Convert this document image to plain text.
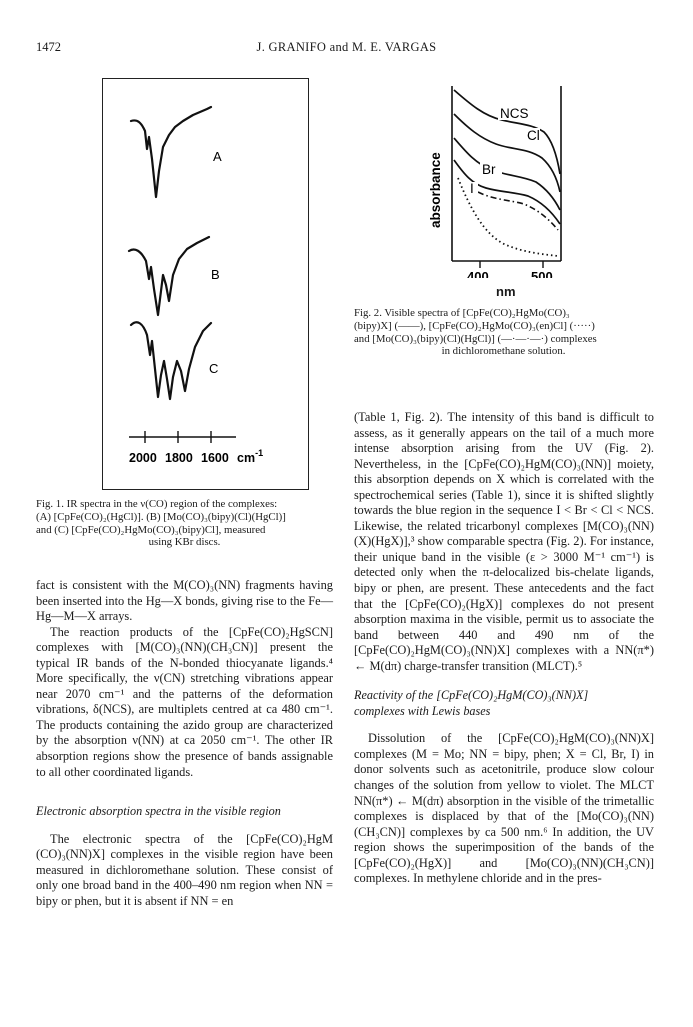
1472	J. GRANIFO and M. E. VARGAS
A
B
C
2000 1800 1600 $cm^{-1}$
Fig. 1. IR spectra in the ν(CO) region of the complexes:
(A) [CpFe(CO)₂(HgCl)]. (B) [Mo(CO)₃(bipy)(Cl)(HgCl)]
and (C) [CpFe(CO)₂HgMo(CO)₃(bipy)Cl], measured
using KBr discs.
absorbance
NCS
Cl
Br
I
400	500
nm
Fig. 2. Visible spectra of [CpFe(CO)₂HgMo(CO)₃
(bipy)X] (——), [CpFe(CO)₂HgMo(CO)₃(en)Cl] (·····)
and [Mo(CO)₃(bipy)(Cl)(HgCl)] (—·—·—·) complexes
in dichloromethane solution.

fact is consistent with the M(CO)₃(NN) fragments having been inserted into the Hg—X bonds, giving rise to the Fe—Hg—M—X arrays.

The reaction products of the [CpFe(CO)₂HgSCN] complexes with [M(CO)₃(NN)(CH₃CN)] present the typical IR bands of the N-bonded thiocyanate ligands.⁴ More specifically, the ν(CN) stretching vibrations appear near 2070 cm⁻¹ and the patterns of the deformation vibrations, δ(NCS), are multiplets centred at ca 480 cm⁻¹. The products containing the azido group are characterized by the absorption ν(NN) at ca 2050 cm⁻¹. The other IR absorption regions show the presence of bands assignable to all other coordinated ligands.

Electronic absorption spectra in the visible region

The electronic spectra of the [CpFe(CO)₂HgM (CO)₃(NN)X] complexes in the visible region have been measured in dichloromethane solution. These consist of only one broad band in the 400–490 nm region when NN = bipy or phen, but it is absent if NN = en

(Table 1, Fig. 2). The intensity of this band is difficult to assess, as it generally appears on the tail of a much more intense absorption arising from the UV (Fig. 2). Nevertheless, in the [CpFe(CO)₂HgM(CO)₃(NN)] moiety, this absorption depends on X which is correlated with the spectrochemical series (Table 1), since it is shifted slightly towards the blue region in the sequence I < Br < Cl < NCS. Likewise, the related tricarbonyl complexes [M(CO)₃(NN)(X)(HgX)],³ show comparable spectra (Fig. 2). For instance, their unique band in the visible (ε > 3000 M⁻¹ cm⁻¹) is detected only when the π-delocalized bis-chelate ligands, bipy or phen, are present. These antecedents and the fact that the [CpFe(CO)₂(HgX)] complexes do not present absorption maxima in the visible, permit us to associate the band between 440 and 490 nm of the [CpFe(CO)₂HgM(CO)₃(NN)X] complexes with a NN(π*) ← M(dπ) charge-transfer transition (MLCT).⁵

Reactivity of the [CpFe(CO)₂HgM(CO)₃(NN)X]
complexes with Lewis bases

Dissolution of the [CpFe(CO)₂HgM(CO)₃(NN)X] complexes (M = Mo; NN = bipy, phen; X = Cl, Br, I) in donor solvents such as acetonitrile, produce slow colour changes of the solution from yellow to violet. The MLCT NN(π*) ← M(dπ) absorption in the visible of the trimetallic complexes is displaced by that of the [Mo(CO)₃(NN)(CH₃CN)] complexes by ca 500 nm.⁶ In addition, the UV region shows the superimposition of the bands of the [CpFe(CO)₂(HgX)] and [Mo(CO)₃(NN)(CH₃CN)] complexes. In methylene chloride and in the pres-
